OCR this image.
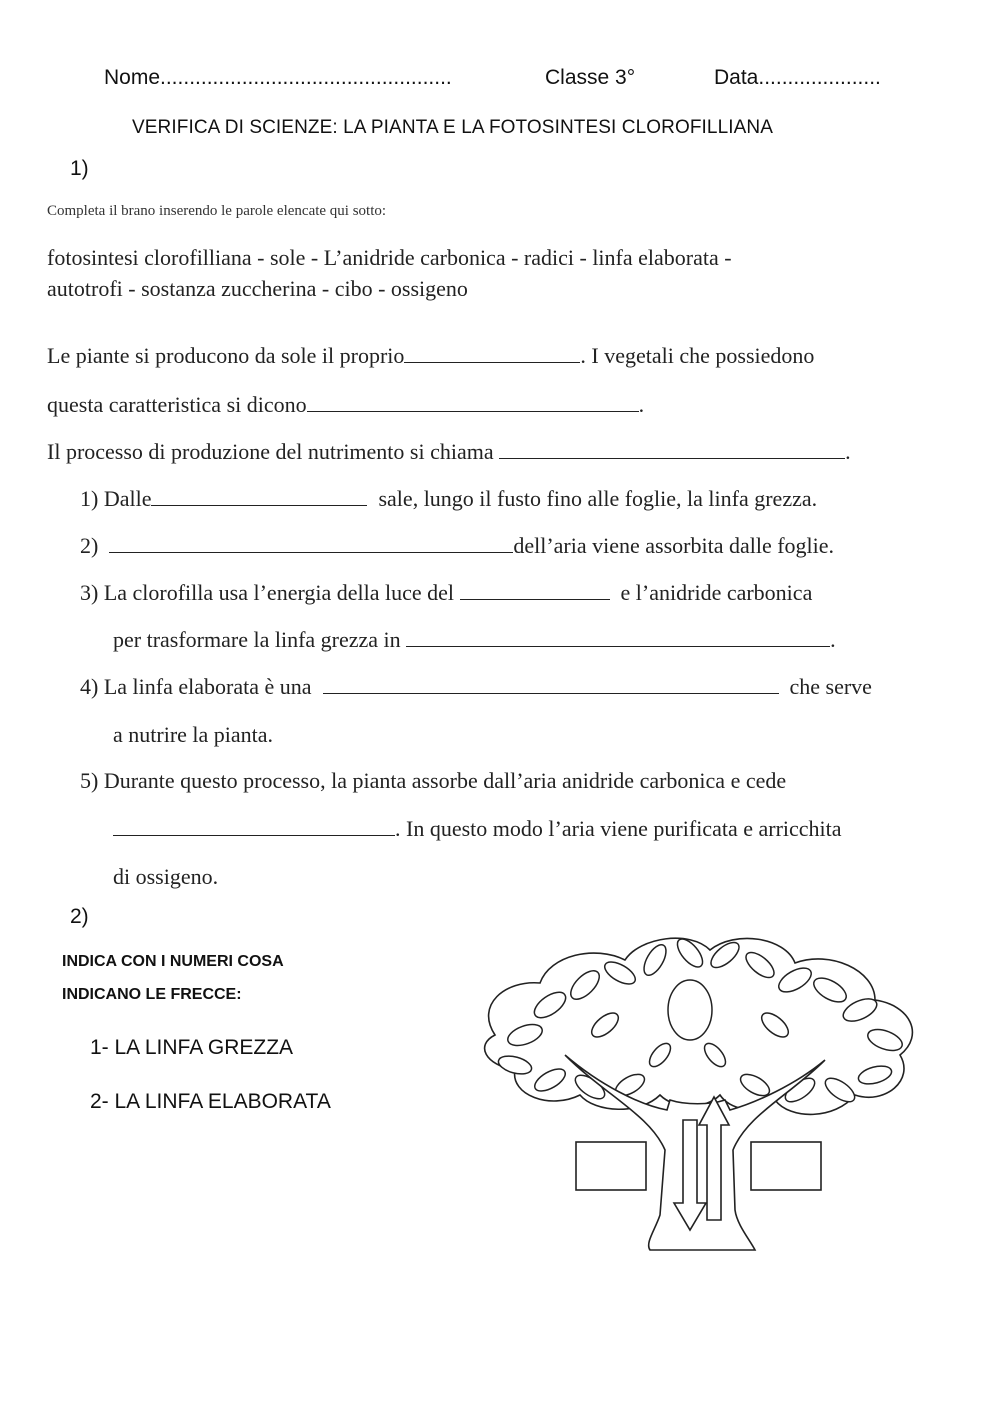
Nome..................................................	Classe 3°	Data.....................
VERIFICA DI SCIENZE: LA PIANTA E LA FOTOSINTESI CLOROFILLIANA
1)
Completa il brano inserendo le parole elencate qui sotto:
fotosintesi clorofilliana - sole - L’anidride carbonica - radici - linfa elaborata -
autotrofi - sostanza zuccherina - cibo - ossigeno
Le piante si producono da sole il proprio	. I vegetali che possiedono
questa caratteristica si dicono	.
Il processo di produzione del nutrimento si chiama	.
1) Dalle	sale, lungo il fusto fino alle foglie, la linfa grezza.
2)	dell’aria viene assorbita dalle foglie.
3) La clorofilla usa l’energia della luce del	e l’anidride carbonica
per trasformare la linfa grezza in	.
4) La linfa elaborata è una	che serve
a nutrire la pianta.
5) Durante questo processo, la pianta assorbe dall’aria anidride carbonica e cede
. In questo modo l’aria viene purificata e arricchita
di ossigeno.
2)
INDICA CON I NUMERI COSA
INDICANO LE FRECCE:
1- LA LINFA GREZZA
2- LA LINFA ELABORATA
